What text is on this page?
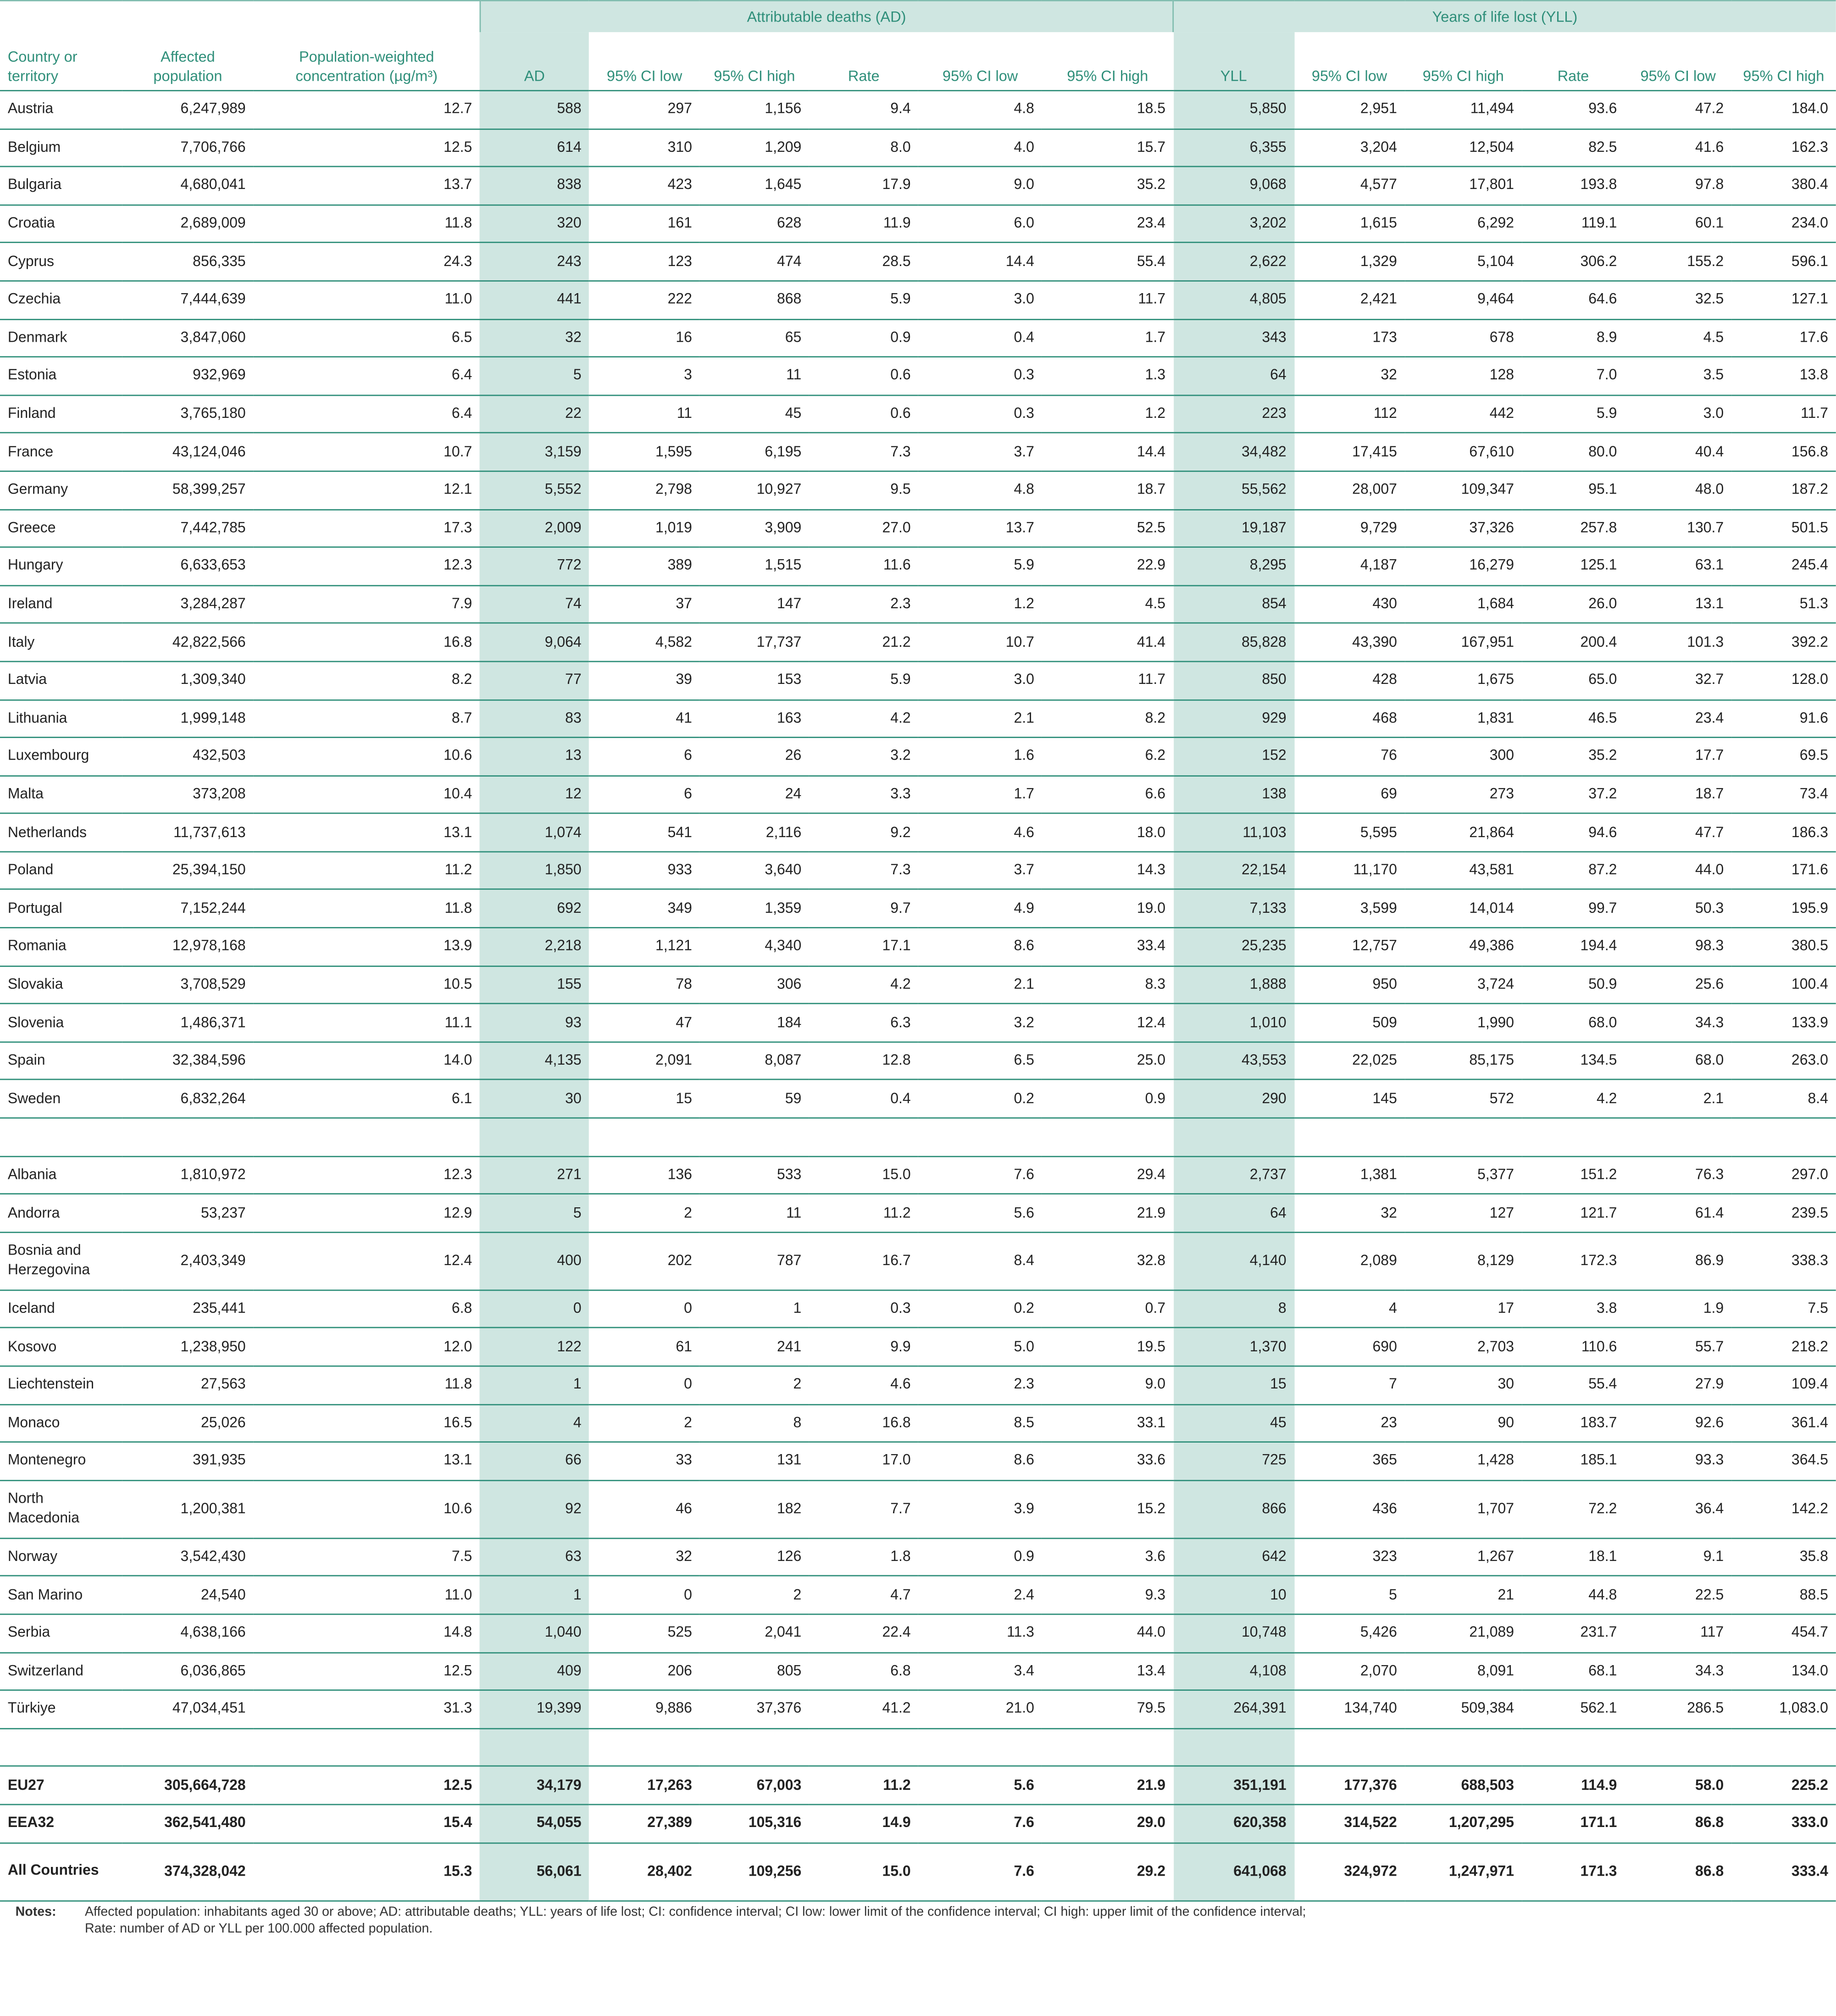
			Attributable deaths (AD)						Years of life lost (YLL)					
Country or territory	Affected population	Population-weighted concentration (µg/m³)	AD	95% CI low	95% CI high	Rate	95% CI low	95% CI high	YLL	95% CI low	95% CI high	Rate	95% CI low	95% CI high
Austria	6,247,989	12.7	588	297	1,156	9.4	4.8	18.5	5,850	2,951	11,494	93.6	47.2	184.0
Belgium	7,706,766	12.5	614	310	1,209	8.0	4.0	15.7	6,355	3,204	12,504	82.5	41.6	162.3
Bulgaria	4,680,041	13.7	838	423	1,645	17.9	9.0	35.2	9,068	4,577	17,801	193.8	97.8	380.4
Croatia	2,689,009	11.8	320	161	628	11.9	6.0	23.4	3,202	1,615	6,292	119.1	60.1	234.0
Cyprus	856,335	24.3	243	123	474	28.5	14.4	55.4	2,622	1,329	5,104	306.2	155.2	596.1
Czechia	7,444,639	11.0	441	222	868	5.9	3.0	11.7	4,805	2,421	9,464	64.6	32.5	127.1
Denmark	3,847,060	6.5	32	16	65	0.9	0.4	1.7	343	173	678	8.9	4.5	17.6
Estonia	932,969	6.4	5	3	11	0.6	0.3	1.3	64	32	128	7.0	3.5	13.8
Finland	3,765,180	6.4	22	11	45	0.6	0.3	1.2	223	112	442	5.9	3.0	11.7
France	43,124,046	10.7	3,159	1,595	6,195	7.3	3.7	14.4	34,482	17,415	67,610	80.0	40.4	156.8
Germany	58,399,257	12.1	5,552	2,798	10,927	9.5	4.8	18.7	55,562	28,007	109,347	95.1	48.0	187.2
Greece	7,442,785	17.3	2,009	1,019	3,909	27.0	13.7	52.5	19,187	9,729	37,326	257.8	130.7	501.5
Hungary	6,633,653	12.3	772	389	1,515	11.6	5.9	22.9	8,295	4,187	16,279	125.1	63.1	245.4
Ireland	3,284,287	7.9	74	37	147	2.3	1.2	4.5	854	430	1,684	26.0	13.1	51.3
Italy	42,822,566	16.8	9,064	4,582	17,737	21.2	10.7	41.4	85,828	43,390	167,951	200.4	101.3	392.2
Latvia	1,309,340	8.2	77	39	153	5.9	3.0	11.7	850	428	1,675	65.0	32.7	128.0
Lithuania	1,999,148	8.7	83	41	163	4.2	2.1	8.2	929	468	1,831	46.5	23.4	91.6
Luxembourg	432,503	10.6	13	6	26	3.2	1.6	6.2	152	76	300	35.2	17.7	69.5
Malta	373,208	10.4	12	6	24	3.3	1.7	6.6	138	69	273	37.2	18.7	73.4
Netherlands	11,737,613	13.1	1,074	541	2,116	9.2	4.6	18.0	11,103	5,595	21,864	94.6	47.7	186.3
Poland	25,394,150	11.2	1,850	933	3,640	7.3	3.7	14.3	22,154	11,170	43,581	87.2	44.0	171.6
Portugal	7,152,244	11.8	692	349	1,359	9.7	4.9	19.0	7,133	3,599	14,014	99.7	50.3	195.9
Romania	12,978,168	13.9	2,218	1,121	4,340	17.1	8.6	33.4	25,235	12,757	49,386	194.4	98.3	380.5
Slovakia	3,708,529	10.5	155	78	306	4.2	2.1	8.3	1,888	950	3,724	50.9	25.6	100.4
Slovenia	1,486,371	11.1	93	47	184	6.3	3.2	12.4	1,010	509	1,990	68.0	34.3	133.9
Spain	32,384,596	14.0	4,135	2,091	8,087	12.8	6.5	25.0	43,553	22,025	85,175	134.5	68.0	263.0
Sweden	6,832,264	6.1	30	15	59	0.4	0.2	0.9	290	145	572	4.2	2.1	8.4

Albania	1,810,972	12.3	271	136	533	15.0	7.6	29.4	2,737	1,381	5,377	151.2	76.3	297.0
Andorra	53,237	12.9	5	2	11	11.2	5.6	21.9	64	32	127	121.7	61.4	239.5
Bosnia and Herzegovina	2,403,349	12.4	400	202	787	16.7	8.4	32.8	4,140	2,089	8,129	172.3	86.9	338.3
Iceland	235,441	6.8	0	0	1	0.3	0.2	0.7	8	4	17	3.8	1.9	7.5
Kosovo	1,238,950	12.0	122	61	241	9.9	5.0	19.5	1,370	690	2,703	110.6	55.7	218.2
Liechtenstein	27,563	11.8	1	0	2	4.6	2.3	9.0	15	7	30	55.4	27.9	109.4
Monaco	25,026	16.5	4	2	8	16.8	8.5	33.1	45	23	90	183.7	92.6	361.4
Montenegro	391,935	13.1	66	33	131	17.0	8.6	33.6	725	365	1,428	185.1	93.3	364.5
North Macedonia	1,200,381	10.6	92	46	182	7.7	3.9	15.2	866	436	1,707	72.2	36.4	142.2
Norway	3,542,430	7.5	63	32	126	1.8	0.9	3.6	642	323	1,267	18.1	9.1	35.8
San Marino	24,540	11.0	1	0	2	4.7	2.4	9.3	10	5	21	44.8	22.5	88.5
Serbia	4,638,166	14.8	1,040	525	2,041	22.4	11.3	44.0	10,748	5,426	21,089	231.7	117	454.7
Switzerland	6,036,865	12.5	409	206	805	6.8	3.4	13.4	4,108	2,070	8,091	68.1	34.3	134.0
Türkiye	47,034,451	31.3	19,399	9,886	37,376	41.2	21.0	79.5	264,391	134,740	509,384	562.1	286.5	1,083.0

EU27	305,664,728	12.5	34,179	17,263	67,003	11.2	5.6	21.9	351,191	177,376	688,503	114.9	58.0	225.2
EEA32	362,541,480	15.4	54,055	27,389	105,316	14.9	7.6	29.0	620,358	314,522	1,207,295	171.1	86.8	333.0
All Countries	374,328,042	15.3	56,061	28,402	109,256	15.0	7.6	29.2	641,068	324,972	1,247,971	171.3	86.8	333.4
Notes:	Affected population: inhabitants aged 30 or above; AD: attributable deaths; YLL: years of life lost; CI: confidence interval; CI low: lower limit of the confidence interval; CI high: upper limit of the confidence interval;
Rate: number of AD or YLL per 100.000 affected population.
